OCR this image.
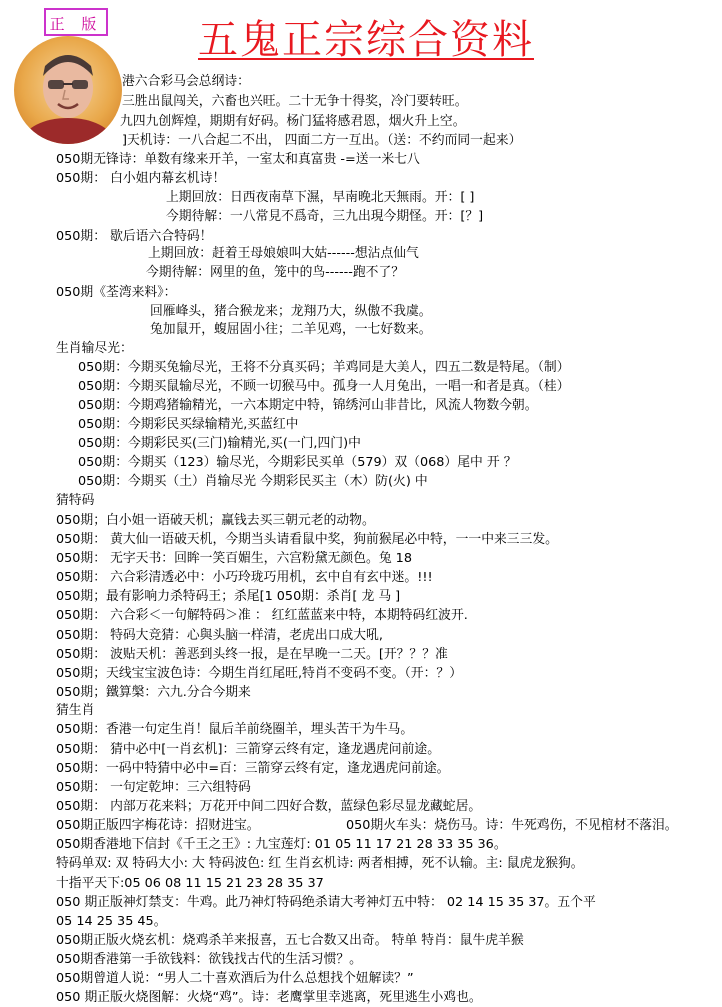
正 版 五鬼正宗综合资料
港六合彩马会总纲诗：
三胜出鼠闯关，六畜也兴旺。二十无争十得奖，冷门要转旺。
九四九创辉煌，期期有好码。杨门猛将感君恩，烟火升上空。
]天机诗：一八合起二不出， 四面二方一互出。（送：不约而同一起来）
050期无锋诗：单数有缘来开羊，一室太和真富贵 -=送一米七八
050期： 白小姐内幕玄机诗！
上期回放：日西夜南草下濕，早南晚北天無雨。开：[ ]
今期待解：一八常見不爲奇，三九出現今期怪。开：[？]
050期： 歇后语六合特码！
上期回放：赶着王母娘娘叫大姑------想沾点仙气
今期待解：网里的鱼，笼中的鸟------跑不了？
050期《荃湾来料》：
回雁峰头，猪合猴龙来；龙翔乃大，纵傲不我虞。
兔加鼠开，蝮屈固小往；二羊见鸡，一七好数来。
生肖输尽光：
050期：今期买兔输尽光，王将不分真买码；羊鸡同是大美人，四五二数是特尾。（制）
050期：今期买鼠输尽光，不顾一切猴马中。孤身一人月兔出，一唱一和者是真。（桂）
050期：今期鸡猪输精光，一六本期定中特，锦绣河山非昔比，风流人物数今朝。
050期：今期彩民买绿输精光,买蓝红中
050期：今期彩民买(三门)输精光,买(一门,四门)中
050期：今期买（123）输尽光，今期彩民买单（579）双（068）尾中 开 ？
050期：今期买（土）肖输尽光 今期彩民买主（木）防(火) 中
猜特码
050期；白小姐一语破天机；赢钱去买三朝元老的动物。
050期： 黄大仙一语破天机，今期当头请看鼠中奖，狗前猴尾必中特，一一中来三三发。
050期： 无字天书：回眸一笑百媚生，六宫粉黛无颜色。兔 18
050期： 六合彩清透必中：小巧玲珑巧用机，玄中自有玄中迷。!!!
050期；最有影响力杀特码王；杀尾[1 050期：杀肖[ 龙 马 ]
050期： 六合彩＜一句解特码＞准 ： 红红蓝蓝来中特，本期特码红波开.
050期： 特码大竞猜：心與头脑一样清，老虎出口成大吼,
050期： 波贴天机：善恶到头终一报，是在早晚一二天。[开？？？准
050期；天线宝宝波色诗：今期生肖红尾旺,特肖不变码不变。（开：？）
050期；鐵算槃：六九.分合今期来
猜生肖
050期：香港一句定生肖！鼠后羊前绕圈羊，埋头苦干为牛马。
050期： 猜中必中[一肖玄机]：三箭穿云终有定，逢龙遇虎问前途。
050期：一码中特猜中必中=百：三箭穿云终有定，逢龙遇虎问前途。
050期： 一句定乾坤：三六组特码
050期： 内部万花来料；万花开中间二四好合数，蓝绿色彩尽显龙藏蛇居。
050期正版四字梅花诗：招财进宝。	050期火车头：烧伤马。诗：牛死鸡伤，不见棺材不落泪。
050期香港地下信封《千王之王》: 九宝莲灯: 01 05 11 17 21 28 33 35 36。
特码单双: 双 特码大小: 大 特码波色: 红 生肖玄机诗: 两者相搏，死不认输。主: 鼠虎龙猴狗。
十指平天下:05 06 08 11 15 21 23 28 35 37
050 期正版神灯禁支：牛鸡。此乃神灯特码绝杀请大考神灯五中特： 02 14 15 35 37。五个平
05 14 25 35 45。
050期正版火烧玄机：烧鸡杀羊来报喜，五七合数又出奇。 特单 特肖：鼠牛虎羊猴
050期香港第一手欲钱料：欲钱找古代的生活习惯？。
050期曾道人说：“男人二十喜欢酒后为什么总想找个妞解读？”
050 期正版火烧图解：火烧“鸡”。诗：老鹰掌里幸逃离，死里逃生小鸡也。
